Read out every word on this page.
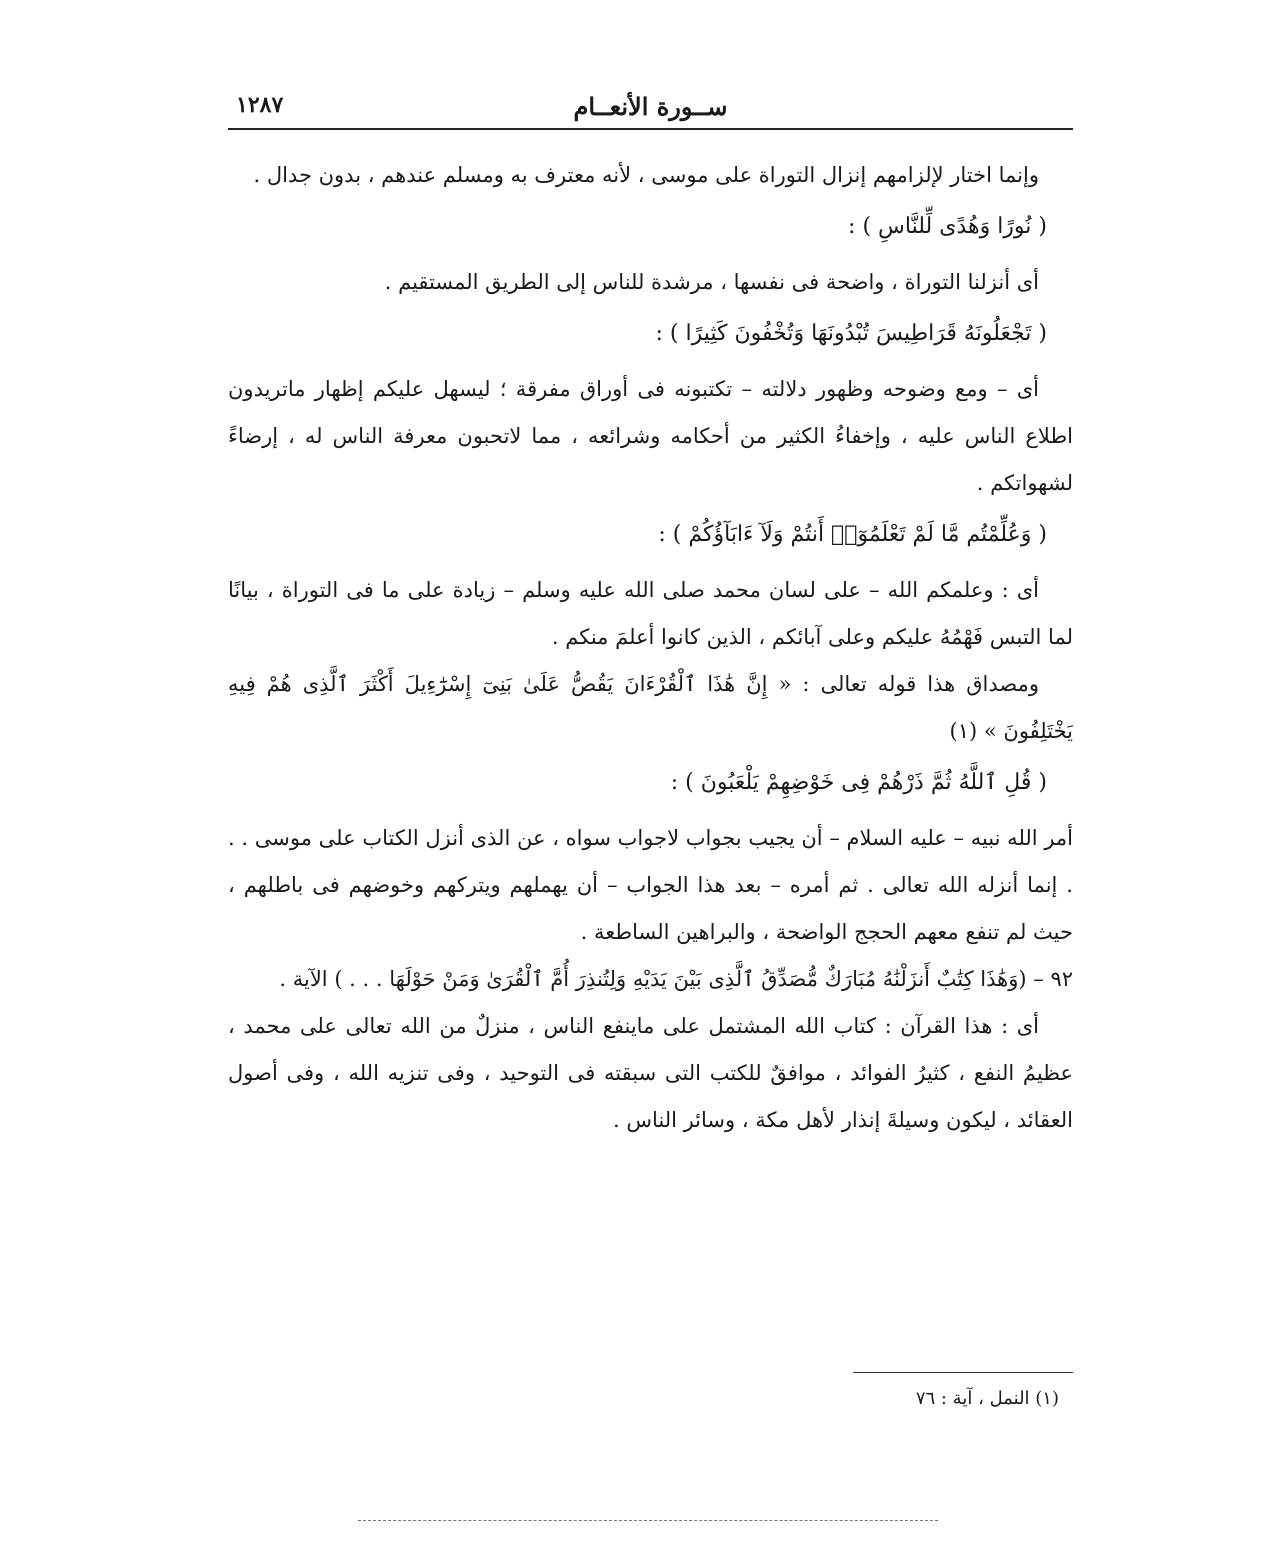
ســورة الأنعــام
١٢٨٧

وإنما اختار لإلزامهم إنزال التوراة على موسى ، لأنه معترف به ومسلم عندهم ، بدون جدال .

( نُورًا وَهُدًى لِّلنَّاسِ ) :

أى أنزلنا التوراة ، واضحة فى نفسها ، مرشدة للناس إلى الطريق المستقيم .

( تَجْعَلُونَهُ قَرَاطِيسَ تُبْدُونَهَا وَتُخْفُونَ كَثِيرًا ) :

أى – ومع وضوحه وظهور دلالته – تكتبونه فى أوراق مفرقة ؛ ليسهل عليكم إظهار ماتريدون اطلاع الناس عليه ، وإخفاءُ الكثير من أحكامه وشرائعه ، مما لاتحبون معرفة الناس له ، إرضاءً لشهواتكم .

( وَعُلِّمْتُم مَّا لَمْ تَعْلَمُوٓا۟ أَنتُمْ وَلَآ ءَابَآؤُكُمْ ) :

أى : وعلمكم الله – على لسان محمد صلى الله عليه وسلم – زيادة على ما فى التوراة ، بيانًا لما التبس فَهْمُهُ عليكم وعلى آبائكم ، الذين كانوا أعلمَ منكم .

ومصداق هذا قوله تعالى : « إِنَّ هَٰذَا ٱلْقُرْءَانَ يَقُصُّ عَلَىٰ بَنِىٓ إِسْرَٰٓءِيلَ أَكْثَرَ ٱلَّذِى هُمْ فِيهِ يَخْتَلِفُونَ » (١)

( قُلِ ٱللَّهُ ثُمَّ ذَرْهُمْ فِى خَوْضِهِمْ يَلْعَبُونَ ) :

أمر الله نبيه – عليه السلام – أن يجيب بجواب لاجواب سواه ، عن الذى أنزل الكتاب على موسى . . . إنما أنزله الله تعالى . ثم أمره – بعد هذا الجواب – أن يهملهم ويتركهم وخوضهم فى باطلهم ، حيث لم تنفع معهم الحجج الواضحة ، والبراهين الساطعة .

٩٢ – (وَهَٰذَا كِتَٰبٌ أَنزَلْنَٰهُ مُبَارَكٌ مُّصَدِّقُ ٱلَّذِى بَيْنَ يَدَيْهِ وَلِتُنذِرَ أُمَّ ٱلْقُرَىٰ وَمَنْ حَوْلَهَا . . . ) الآية .

أى : هذا القرآن : كتاب الله المشتمل على ماينفع الناس ، منزلٌ من الله تعالى على محمد ، عظيمُ النفع ، كثيرُ الفوائد ، موافقٌ للكتب التى سبقته فى التوحيد ، وفى تنزيه الله ، وفى أصول العقائد ، ليكون وسيلةَ إنذار لأهل مكة ، وسائر الناس .

(١) النمل ، آية : ٧٦
